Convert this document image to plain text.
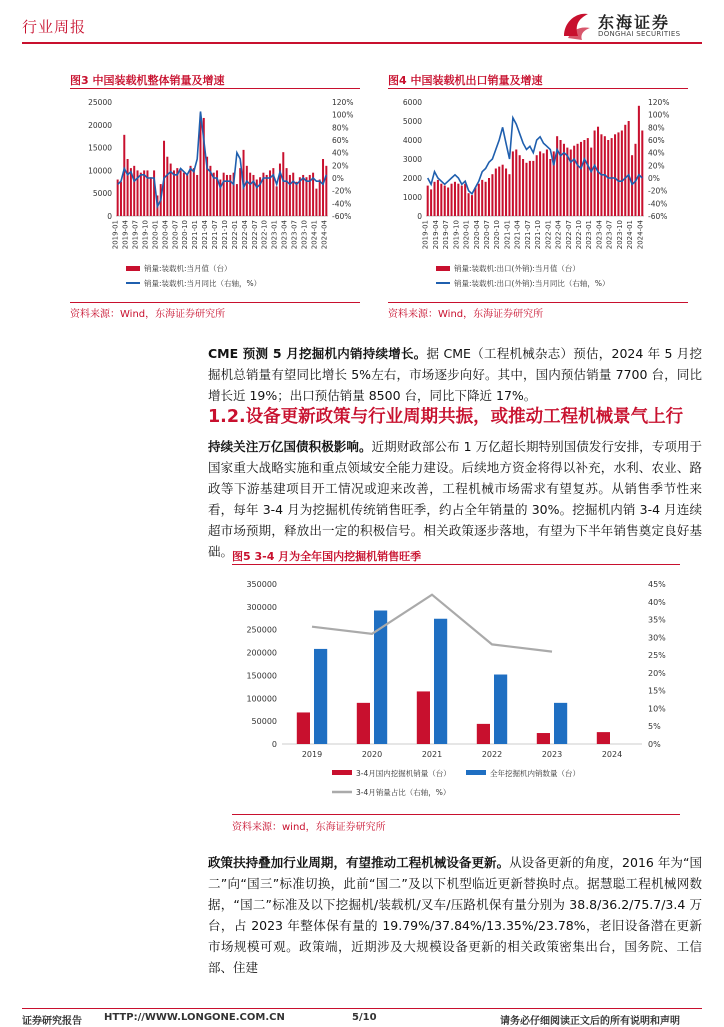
行业周报	东海证券
DONGHAI SECURITIES
图3 中国装载机整体销量及增速
0
5000
10000
15000
20000
25000
-60%
-40%
-20%
0%
20%
40%
60%
80%
100%
120%
2019-01 2019-04 2019-07 2019-10 2020-01 2020-04 2020-07 2020-10 2021-01 2021-04 2021-07 2021-10 2022-01 2022-04 2022-07 2022-10 2023-01 2023-04 2023-07 2023-10 2024-01 2024-04
销量:装载机:当月值（台）
销量:装载机:当月同比（右轴，%）
资料来源：Wind，东海证券研究所
图4 中国装载机出口销量及增速
0
1000
2000
3000
4000
5000
6000
-60%
-40%
-20%
0%
20%
40%
60%
80%
100%
120%
2019-01 2019-04 2019-07 2019-10 2020-01 2020-04 2020-07 2020-10 2021-01 2021-04 2021-07 2021-10 2022-01 2022-04 2022-07 2022-10 2023-01 2023-04 2023-07 2023-10 2024-01 2024-04
销量:装载机:出口(外销):当月值（台）
销量:装载机:出口(外销):当月同比（右轴，%）
资料来源：Wind，东海证券研究所
CME 预测 5 月挖掘机内销持续增长。据 CME（工程机械杂志）预估，2024 年 5 月挖掘机总销量有望同比增长 5%左右，市场逐步向好。其中，国内预估销量 7700 台，同比增长近 19%；出口预估销量 8500 台，同比下降近 17%。
1.2.设备更新政策与行业周期共振，或推动工程机械景气上行
持续关注万亿国债积极影响。近期财政部公布 1 万亿超长期特别国债发行安排，专项用于国家重大战略实施和重点领域安全能力建设。后续地方资金将得以补充，水利、农业、路政等下游基建项目开工情况或迎来改善，工程机械市场需求有望复苏。从销售季节性来看，每年 3-4 月为挖掘机传统销售旺季，约占全年销量的 30%。挖掘机内销 3-4 月连续超市场预期，释放出一定的积极信号。相关政策逐步落地，有望为下半年销售奠定良好基础。
图5 3-4 月为全年国内挖掘机销售旺季
0
50000
100000
150000
200000
250000
300000
350000
0%
5%
10%
15%
20%
25%
30%
35%
40%
45%
2019	2020	2021	2022	2023	2024
3-4月国内挖掘机销量（台）	全年挖掘机内销数量（台）
3-4月销量占比（右轴，%）
资料来源：wind，东海证券研究所
政策扶持叠加行业周期，有望推动工程机械设备更新。从设备更新的角度，2016 年为“国二”向“国三”标准切换，此前“国二”及以下机型临近更新替换时点。据慧聪工程机械网数据，“国二”标准及以下挖掘机/装载机/叉车/压路机保有量分别为 38.8/36.2/75.7/3.4 万台，占 2023 年整体保有量的 19.79%/37.84%/13.35%/23.78%，老旧设备潜在更新市场规模可观。政策端，近期涉及大规模设备更新的相关政策密集出台，国务院、工信部、住建
证券研究报告 HTTP://WWW.LONGONE.COM.CN	5/10	请务必仔细阅读正文后的所有说明和声明
